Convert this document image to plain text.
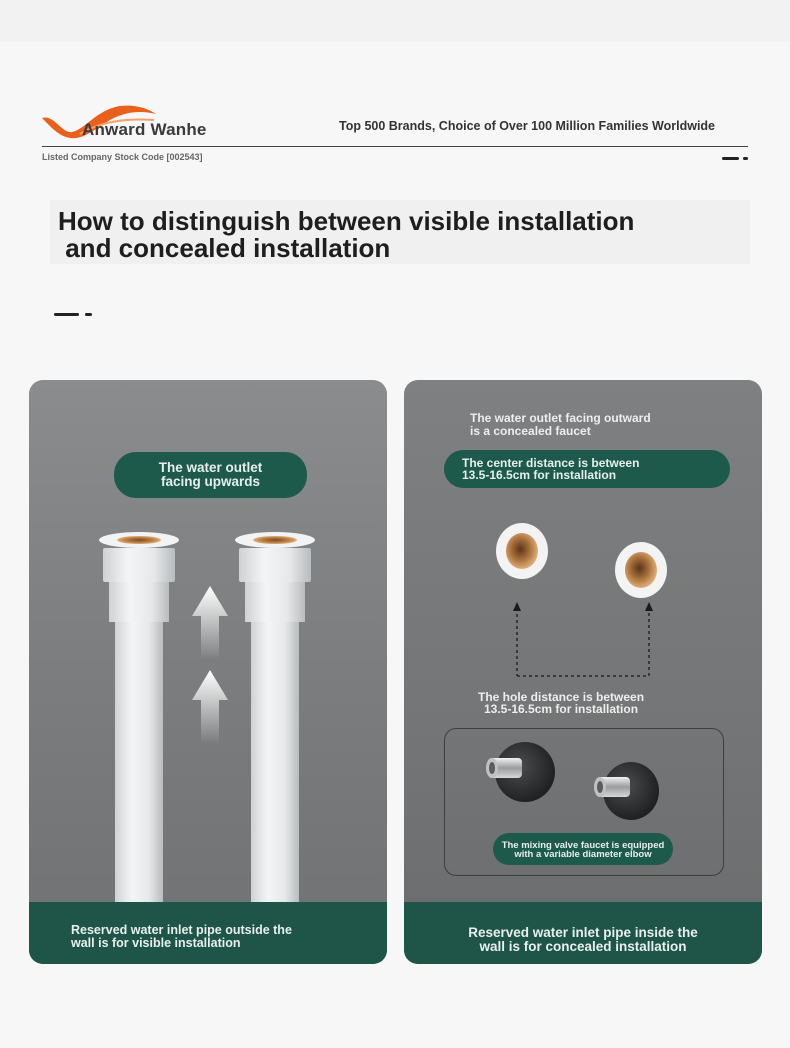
Anward Wanhe
Listed Company Stock Code [002543]
Top 500 Brands, Choice of Over 100 Million Families Worldwide
How to distinguish between visible installation
and concealed installation
The water outlet
facing upwards
Reserved water inlet pipe outside the
wall is for visible installation
The water outlet facing outward
is a concealed faucet
The center distance is between
13.5-16.5cm for installation
The hole distance is between
13.5-16.5cm for installation
The mixing valve faucet is equipped
with a variable diameter elbow
Reserved water inlet pipe inside the
wall is for concealed installation
